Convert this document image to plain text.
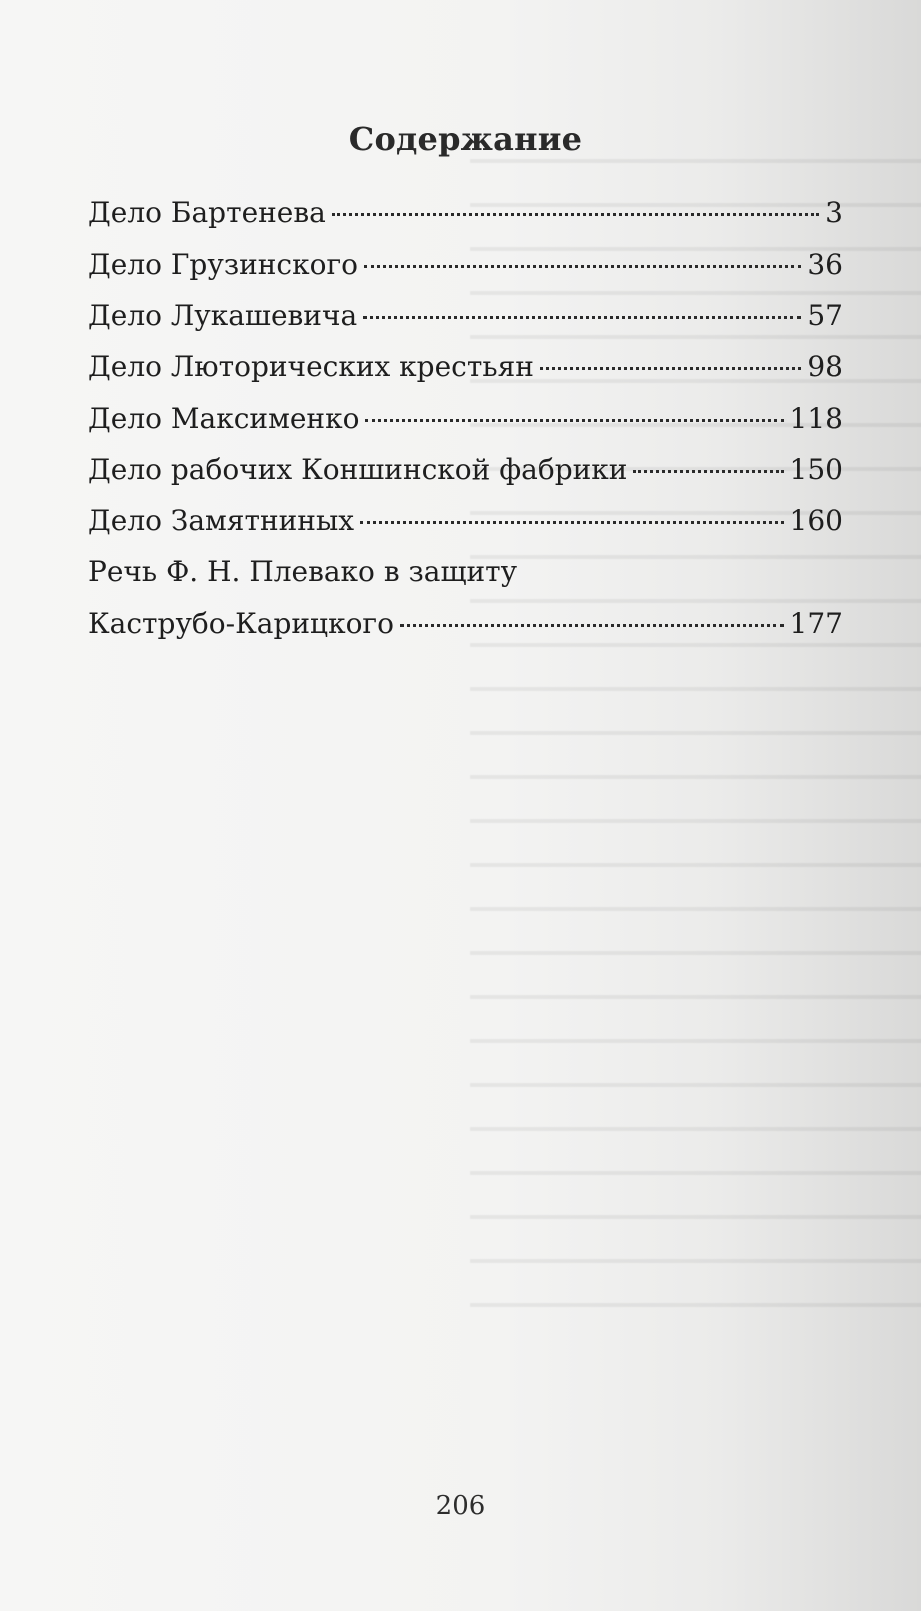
Содержание
Дело Бартенева	3
Дело Грузинского	36
Дело Лукашевича	57
Дело Люторических крестьян	98
Дело Максименко	118
Дело рабочих Коншинской фабрики	150
Дело Замятниных	160
Речь Ф. Н. Плевако в защиту
Каструбо-Карицкого	177
206
